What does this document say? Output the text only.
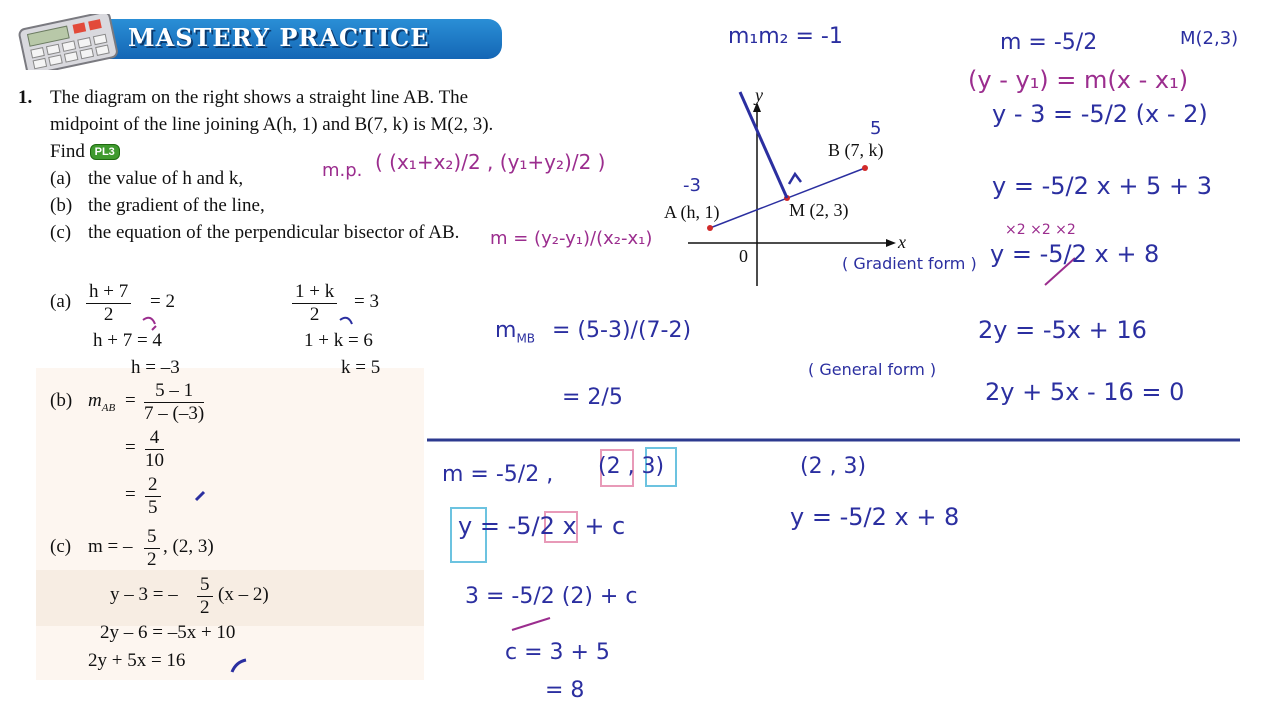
MASTERY PRACTICE
1. The diagram on the right shows a straight line AB. The
midpoint of the line joining A(h, 1) and B(7, k) is M(2, 3).
Find PL3
(a) the value of h and k,
(b) the gradient of the line,
(c) the equation of the perpendicular bisector of AB.
$(a) \frac{h + 7}{2} = 2$	$\frac{1 + k}{2} = 3$
h + 7 = 4	1 + k = 6
h = –3	k = 5
(b) $m_{AB} = \frac{5 - 1}{7 - (-3)}$
= $\frac{4}{10}$
= $\frac{2}{5}$
(c) m = – $\frac{5}{2}$ , (2, 3)
y – 3 = – $\frac{5}{2} (x - 2)$
2y – 6 = –5x + 10
2y + 5x = 16
y
x
0
A (h, 1)
B (7, k)
M (2, 3)
m₁m₂ = -1
m.p. ( (x₁+x₂)/2 , (y₁+y₂)/2 )
m = (y₂-y₁)/(x₂-x₁)
$m_{MB} = (5-3)/(7-2)$
= 2/5
-3
5
m = -5/2	M(2,3)
(y - y₁) = m(x - x₁)
y - 3 = -5/2 (x - 2)
y = -5/2 x + 5 + 3
×2 ×2 ×2
y = -5/2 x + 8
( Gradient form )
2y = -5x + 16
( General form )
2y + 5x - 16 = 0
m = -5/2 , (2 , 3)
y = -5/2 x + c
3 = -5/2 (2) + c
c = 3 + 5
= 8
(2 , 3)
y = -5/2 x + 8
